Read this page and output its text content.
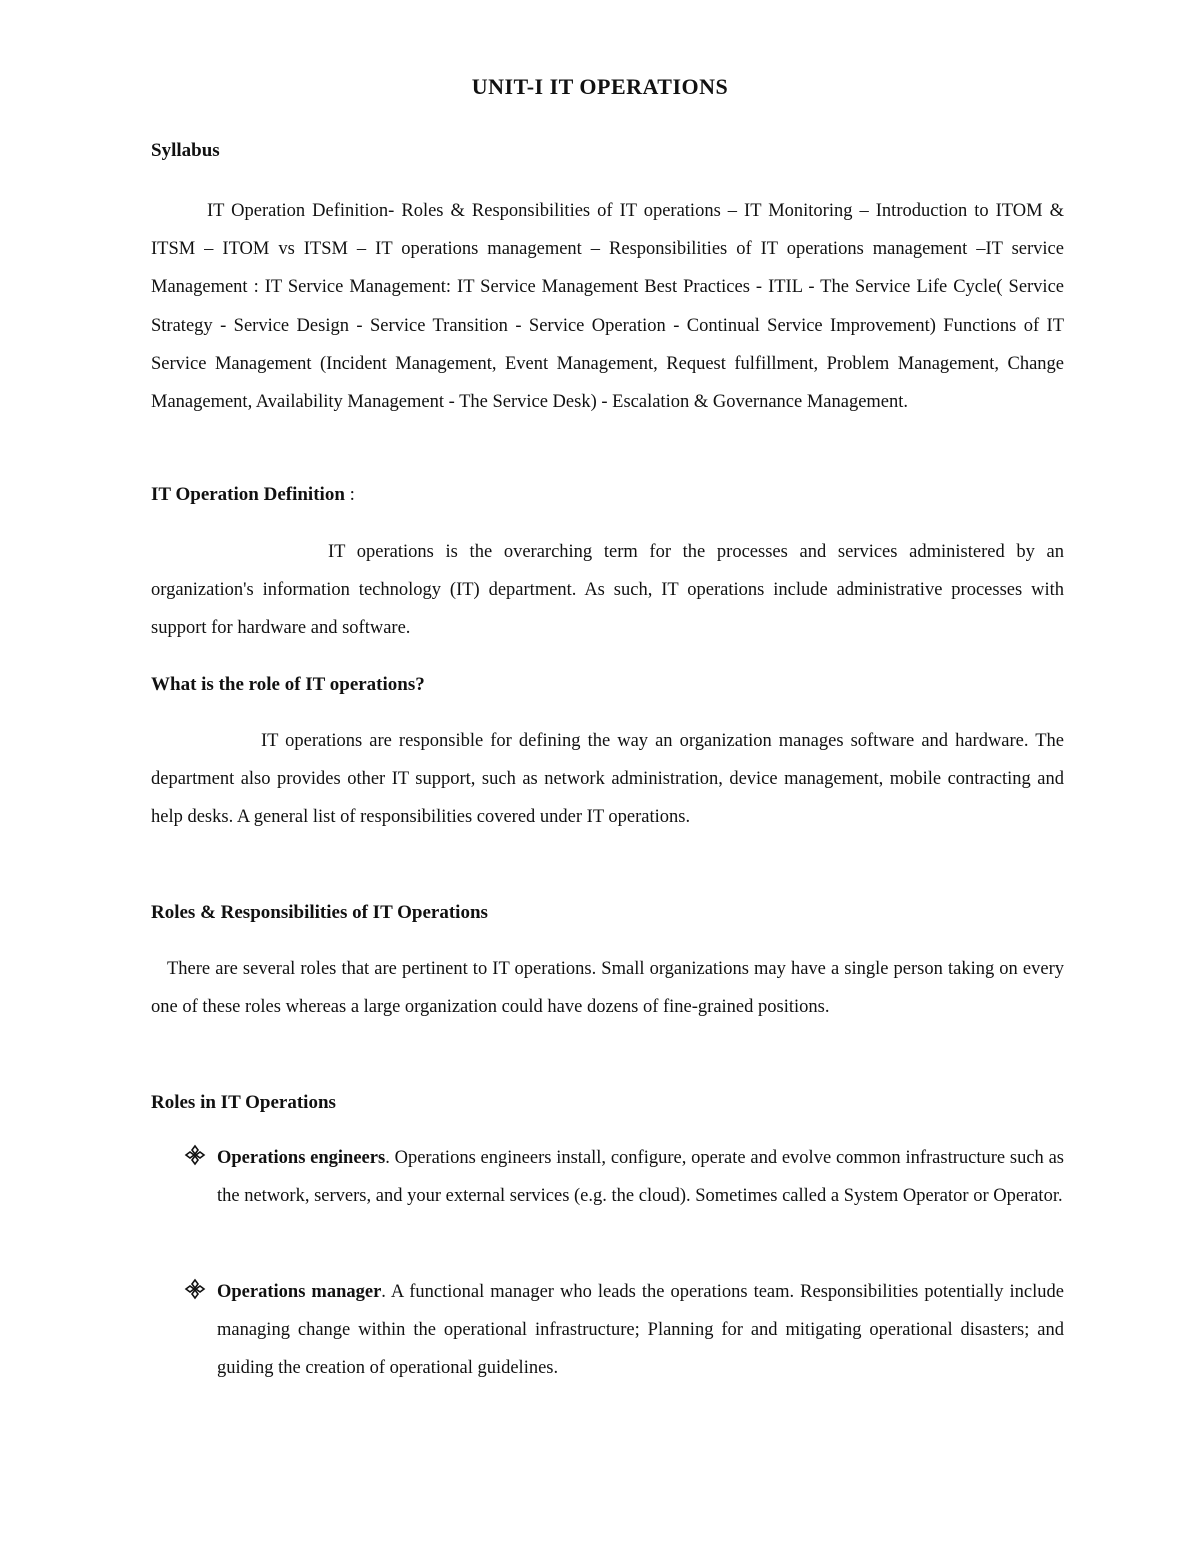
UNIT-I IT OPERATIONS
Syllabus

IT Operation Definition- Roles & Responsibilities of IT operations – IT Monitoring – Introduction to ITOM & ITSM – ITOM vs ITSM – IT operations management – Responsibilities of IT operations management –IT service Management : IT Service Management: IT Service Management Best Practices - ITIL - The Service Life Cycle( Service Strategy - Service Design - Service Transition - Service Operation - Continual Service Improvement) Functions of IT Service Management (Incident Management, Event Management, Request fulfillment, Problem Management, Change Management, Availability Management - The Service Desk) - Escalation & Governance Management.

IT Operation Definition :

IT operations is the overarching term for the processes and services administered by an organization's information technology (IT) department. As such, IT operations include administrative processes with support for hardware and software.

What is the role of IT operations?

IT operations are responsible for defining the way an organization manages software and hardware. The department also provides other IT support, such as network administration, device management, mobile contracting and help desks. A general list of responsibilities covered under IT operations.

Roles & Responsibilities of IT Operations

There are several roles that are pertinent to IT operations. Small organizations may have a single person taking on every one of these roles whereas a large organization could have dozens of fine-grained positions.

Roles in IT Operations

Operations engineers. Operations engineers install, configure, operate and evolve common infrastructure such as the network, servers, and your external services (e.g. the cloud). Sometimes called a System Operator or Operator.

Operations manager. A functional manager who leads the operations team. Responsibilities potentially include managing change within the operational infrastructure; Planning for and mitigating operational disasters; and guiding the creation of operational guidelines.
